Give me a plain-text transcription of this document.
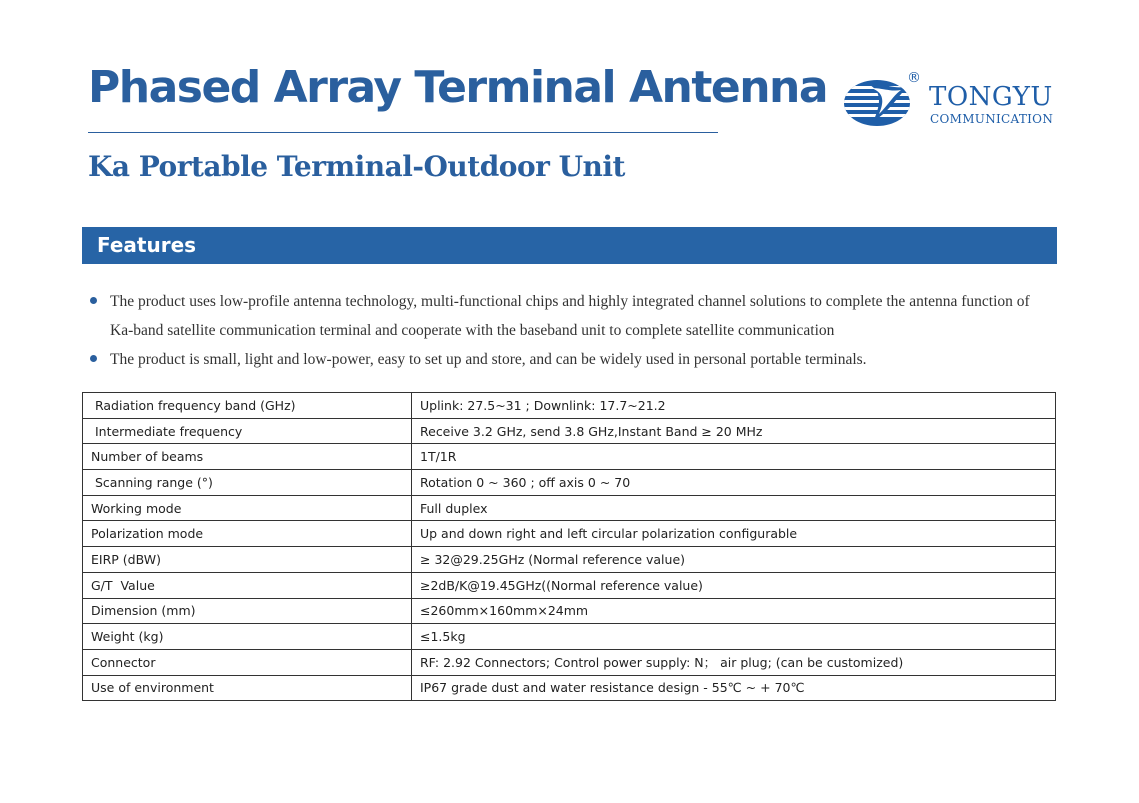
Phased Array Terminal Antenna
Ka Portable Terminal-Outdoor Unit
®
TONGYU
COMMUNICATION
Features
The product uses low-profile antenna technology, multi-functional chips and highly integrated channel solutions to complete the antenna function of Ka-band satellite communication terminal and cooperate with the baseband unit to complete satellite communication
The product is small, light and low-power, easy to set up and store, and can be widely used in personal portable terminals.
Radiation frequency band (GHz)	Uplink: 27.5~31 ; Downlink: 17.7~21.2
Intermediate frequency	Receive 3.2 GHz, send 3.8 GHz,Instant Band ≥ 20 MHz
Number of beams	1T/1R
Scanning range (°)	Rotation 0 ~ 360 ; off axis 0 ~ 70
Working mode	Full duplex
Polarization mode	Up and down right and left circular polarization configurable
EIRP (dBW)	≥ 32@29.25GHz (Normal reference value)
G/T  Value	≥2dB/K@19.45GHz((Normal reference value)
Dimension (mm)	≤260mm×160mm×24mm
Weight (kg)	≤1.5kg
Connector	RF: 2.92 Connectors; Control power supply: N； air plug; (can be customized)
Use of environment	IP67 grade dust and water resistance design - 55℃ ~ + 70℃
